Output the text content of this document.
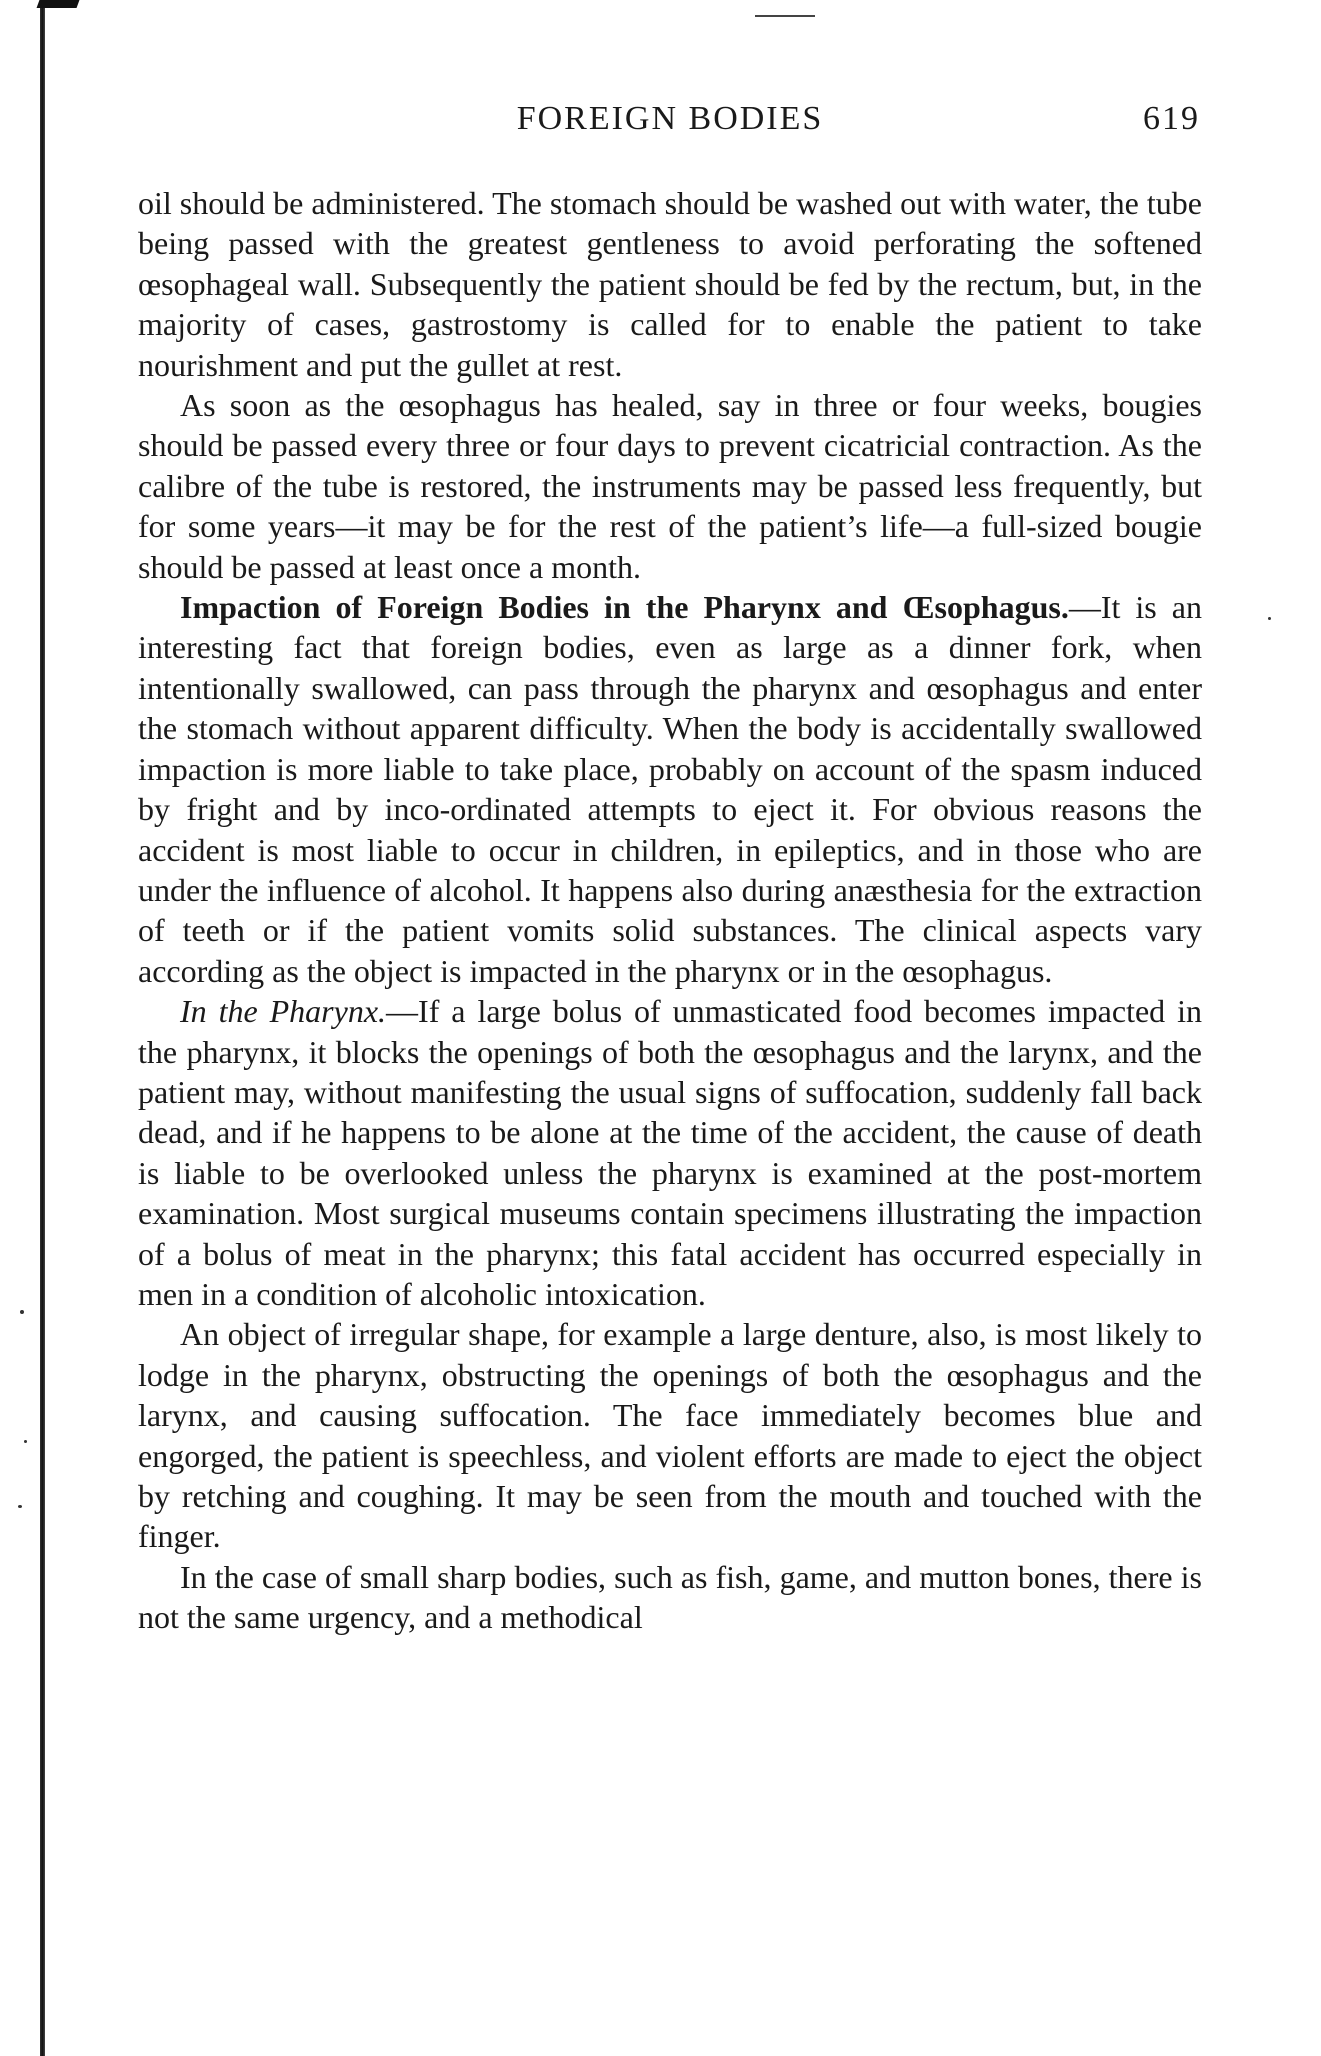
FOREIGN BODIES	619

oil should be administered. The stomach should be washed out with water, the tube being passed with the greatest gentleness to avoid perforating the softened œsophageal wall. Subsequently the patient should be fed by the rectum, but, in the majority of cases, gastrostomy is called for to enable the patient to take nourishment and put the gullet at rest.

As soon as the œsophagus has healed, say in three or four weeks, bougies should be passed every three or four days to prevent cicatricial contraction. As the calibre of the tube is restored, the instruments may be passed less frequently, but for some years—it may be for the rest of the patient’s life—a full-sized bougie should be passed at least once a month.

Impaction of Foreign Bodies in the Pharynx and Œsophagus.—It is an interesting fact that foreign bodies, even as large as a dinner fork, when intentionally swallowed, can pass through the pharynx and œsophagus and enter the stomach without apparent difficulty. When the body is accidentally swallowed impaction is more liable to take place, probably on account of the spasm induced by fright and by inco-ordinated attempts to eject it. For obvious reasons the accident is most liable to occur in children, in epileptics, and in those who are under the influence of alcohol. It happens also during anæsthesia for the extraction of teeth or if the patient vomits solid substances. The clinical aspects vary according as the object is impacted in the pharynx or in the œsophagus.

In the Pharynx.—If a large bolus of unmasticated food becomes impacted in the pharynx, it blocks the openings of both the œsophagus and the larynx, and the patient may, without manifesting the usual signs of suffocation, suddenly fall back dead, and if he happens to be alone at the time of the accident, the cause of death is liable to be overlooked unless the pharynx is examined at the post-mortem examination. Most surgical museums contain specimens illustrating the impaction of a bolus of meat in the pharynx; this fatal accident has occurred especially in men in a condition of alcoholic intoxication.

An object of irregular shape, for example a large denture, also, is most likely to lodge in the pharynx, obstructing the openings of both the œsophagus and the larynx, and causing suffocation. The face immediately becomes blue and engorged, the patient is speechless, and violent efforts are made to eject the object by retching and coughing. It may be seen from the mouth and touched with the finger.

In the case of small sharp bodies, such as fish, game, and mutton bones, there is not the same urgency, and a methodical
